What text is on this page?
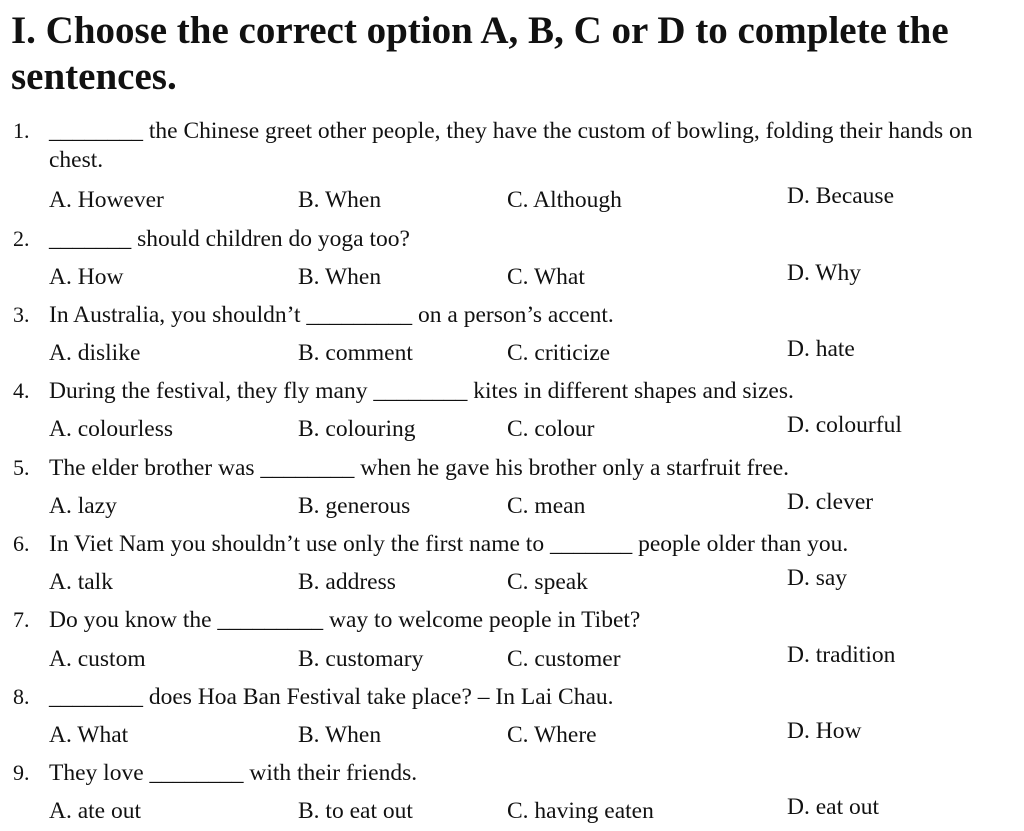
I. Choose the correct option A, B, C or D to complete the sentences.
1. ________ the Chinese greet other people, they have the custom of bowling, folding their hands on chest.
A. However	B. When	C. Although	D. Because
2. _______ should children do yoga too?
A. How	B. When	C. What	D. Why
3. In Australia, you shouldn’t _________ on a person’s accent.
A. dislike	B. comment	C. criticize	D. hate
4. During the festival, they fly many ________ kites in different shapes and sizes.
A. colourless	B. colouring	C. colour	D. colourful
5. The elder brother was ________ when he gave his brother only a starfruit free.
A. lazy	B. generous	C. mean	D. clever
6. In Viet Nam you shouldn’t use only the first name to _______ people older than you.
A. talk	B. address	C. speak	D. say
7. Do you know the _________ way to welcome people in Tibet?
A. custom	B. customary	C. customer	D. tradition
8. ________ does Hoa Ban Festival take place? – In Lai Chau.
A. What	B. When	C. Where	D. How
9. They love ________ with their friends.
A. ate out	B. to eat out	C. having eaten	D. eat out
